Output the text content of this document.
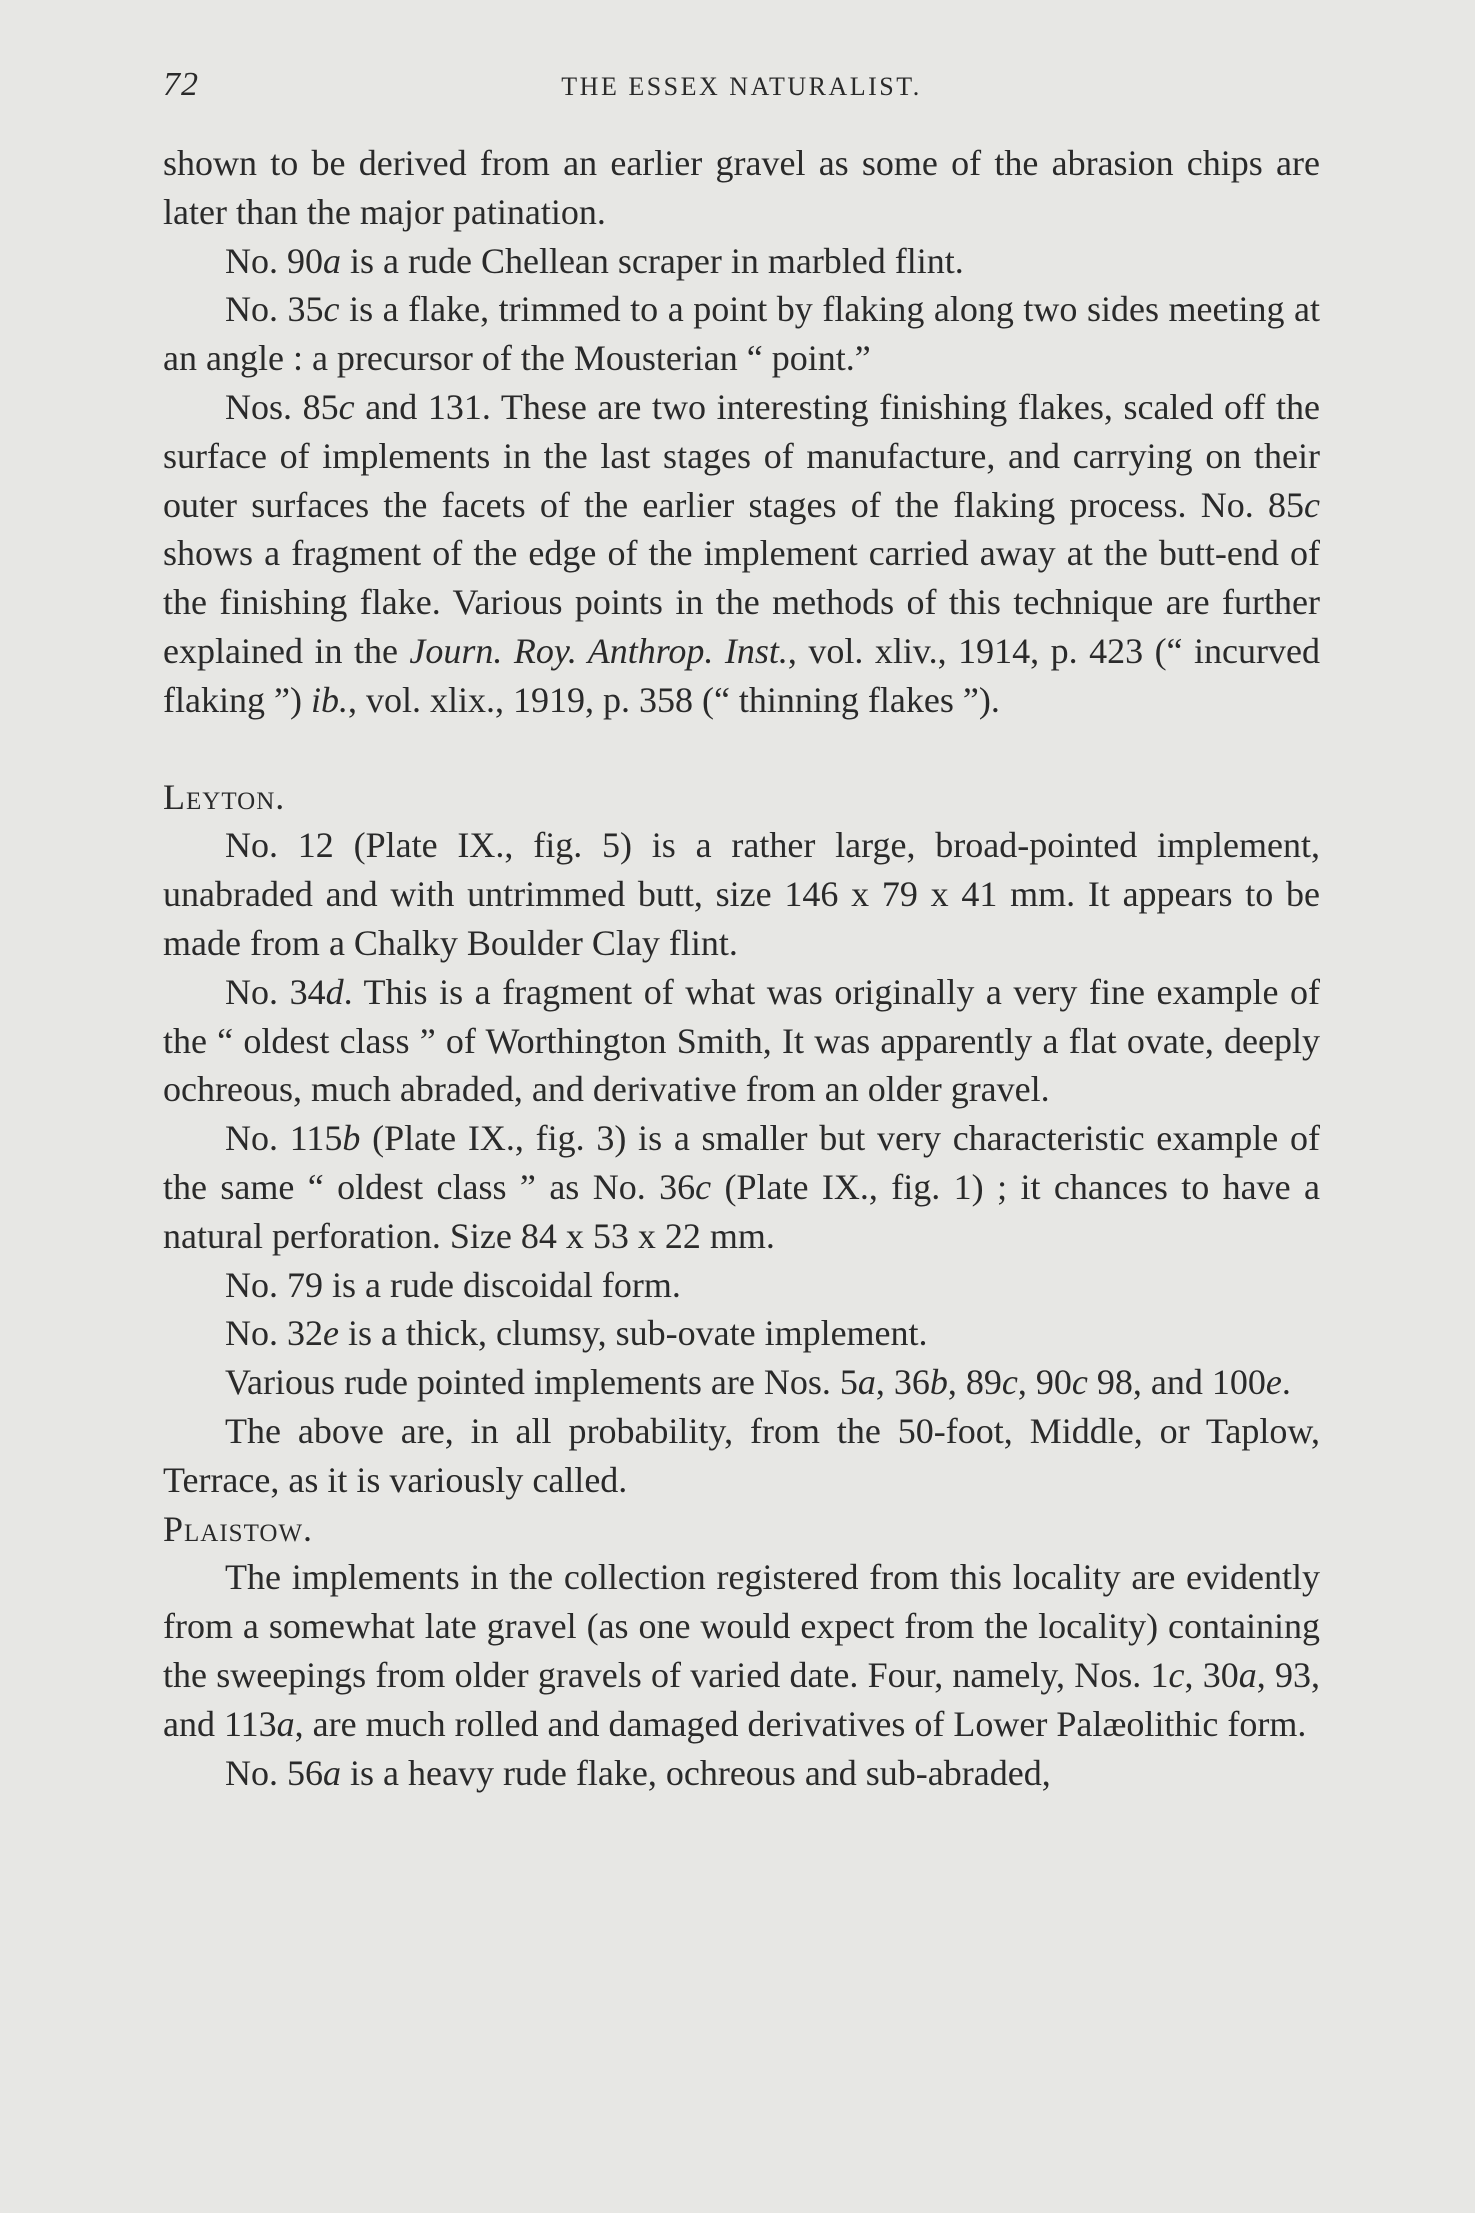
72	THE ESSEX NATURALIST.

shown to be derived from an earlier gravel as some of the abrasion chips are later than the major patination.

No. 90a is a rude Chellean scraper in marbled flint.

No. 35c is a flake, trimmed to a point by flaking along two sides meeting at an angle : a precursor of the Mousterian “ point.”

Nos. 85c and 131. These are two interesting finishing flakes, scaled off the surface of implements in the last stages of manufacture, and carrying on their outer surfaces the facets of the earlier stages of the flaking process. No. 85c shows a fragment of the edge of the implement carried away at the butt-end of the finishing flake. Various points in the methods of this technique are further explained in the Journ. Roy. Anthrop. Inst., vol. xliv., 1914, p. 423 (“ incurved flaking ”) ib., vol. xlix., 1919, p. 358 (“ thinning flakes ”).

Leyton.

No. 12 (Plate IX., fig. 5) is a rather large, broad-pointed implement, unabraded and with untrimmed butt, size 146 x 79 x 41 mm. It appears to be made from a Chalky Boulder Clay flint.

No. 34d. This is a fragment of what was originally a very fine example of the “ oldest class ” of Worthington Smith, It was apparently a flat ovate, deeply ochreous, much abraded, and derivative from an older gravel.

No. 115b (Plate IX., fig. 3) is a smaller but very characteristic example of the same “ oldest class ” as No. 36c (Plate IX., fig. 1) ; it chances to have a natural perforation. Size 84 x 53 x 22 mm.

No. 79 is a rude discoidal form.

No. 32e is a thick, clumsy, sub-ovate implement.

Various rude pointed implements are Nos. 5a, 36b, 89c, 90c 98, and 100e.

The above are, in all probability, from the 50-foot, Middle, or Taplow, Terrace, as it is variously called.

Plaistow.

The implements in the collection registered from this locality are evidently from a somewhat late gravel (as one would expect from the locality) containing the sweepings from older gravels of varied date. Four, namely, Nos. 1c, 30a, 93, and 113a, are much rolled and damaged derivatives of Lower Palæolithic form.

No. 56a is a heavy rude flake, ochreous and sub-abraded,
